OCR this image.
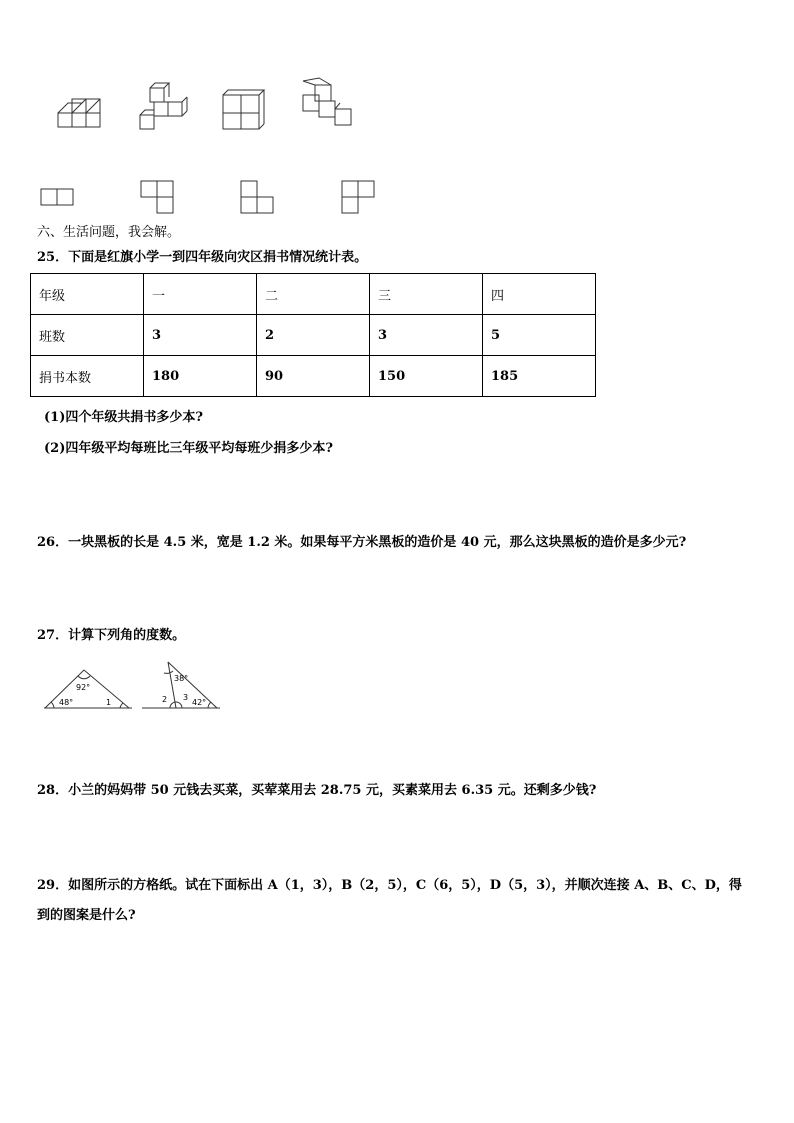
六、生活问题，我会解。
25．下面是红旗小学一到四年级向灾区捐书情况统计表。
年级	一	二	三	四
班数	3	2	3	5
捐书本数	180	90	150	185
(1)四个年级共捐书多少本?
(2)四年级平均每班比三年级平均每班少捐多少本?
26．一块黑板的长是 4.5 米，宽是 1.2 米。如果每平方米黑板的造价是 40 元，那么这块黑板的造价是多少元?
27．计算下列角的度数。
92°
48°	1
38°
2 3
42°
28．小兰的妈妈带 50 元钱去买菜，买荤菜用去 28.75 元，买素菜用去 6.35 元。还剩多少钱?
29．如图所示的方格纸。试在下面标出 A（1，3），B（2，5），C（6，5），D（5，3），并顺次连接 A、B、C、D，得
到的图案是什么?
